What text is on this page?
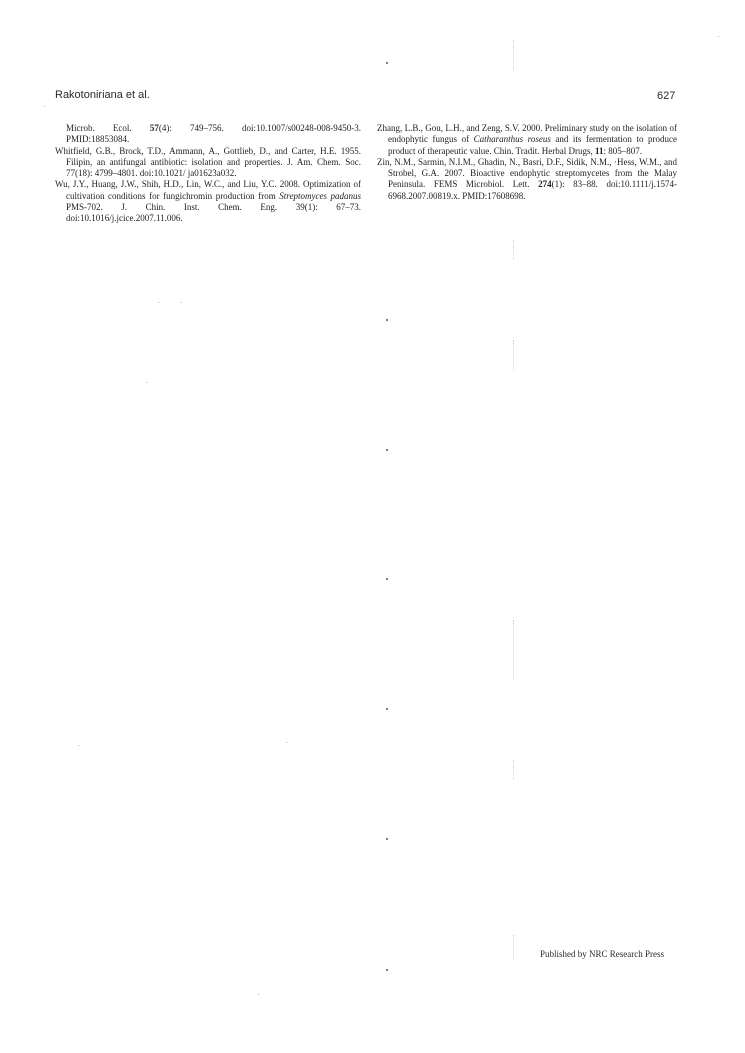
Rakotoniriana et al.	627

Microb. Ecol. 57(4): 749–756. doi:10.1007/s00248-008-9450-3. PMID:18853084.

Whitfield, G.B., Brock, T.D., Ammann, A., Gottlieb, D., and Carter, H.E. 1955. Filipin, an antifungal antibiotic: isolation and properties. J. Am. Chem. Soc. 77(18): 4799–4801. doi:10.1021/ ja01623a032.

Wu, J.Y., Huang, J.W., Shih, H.D., Lin, W.C., and Liu, Y.C. 2008. Optimization of cultivation conditions for fungichromin production from Streptomyces padanus PMS-702. J. Chin. Inst. Chem. Eng. 39(1): 67–73. doi:10.1016/j.jcice.2007.11.006.

Zhang, L.B., Gou, L.H., and Zeng, S.V. 2000. Preliminary study on the isolation of endophytic fungus of Catharanthus roseus and its fermentation to produce product of therapeutic value. Chin. Tradit. Herbal Drugs, 11: 805–807.

Zin, N.M., Sarmin, N.I.M., Ghadin, N., Basri, D.F., Sidik, N.M., ·Hess, W.M., and Strobel, G.A. 2007. Bioactive endophytic streptomycetes from the Malay Peninsula. FEMS Microbiol. Lett. 274(1): 83–88. doi:10.1111/j.1574-6968.2007.00819.x. PMID:17608698.

Published by NRC Research Press
